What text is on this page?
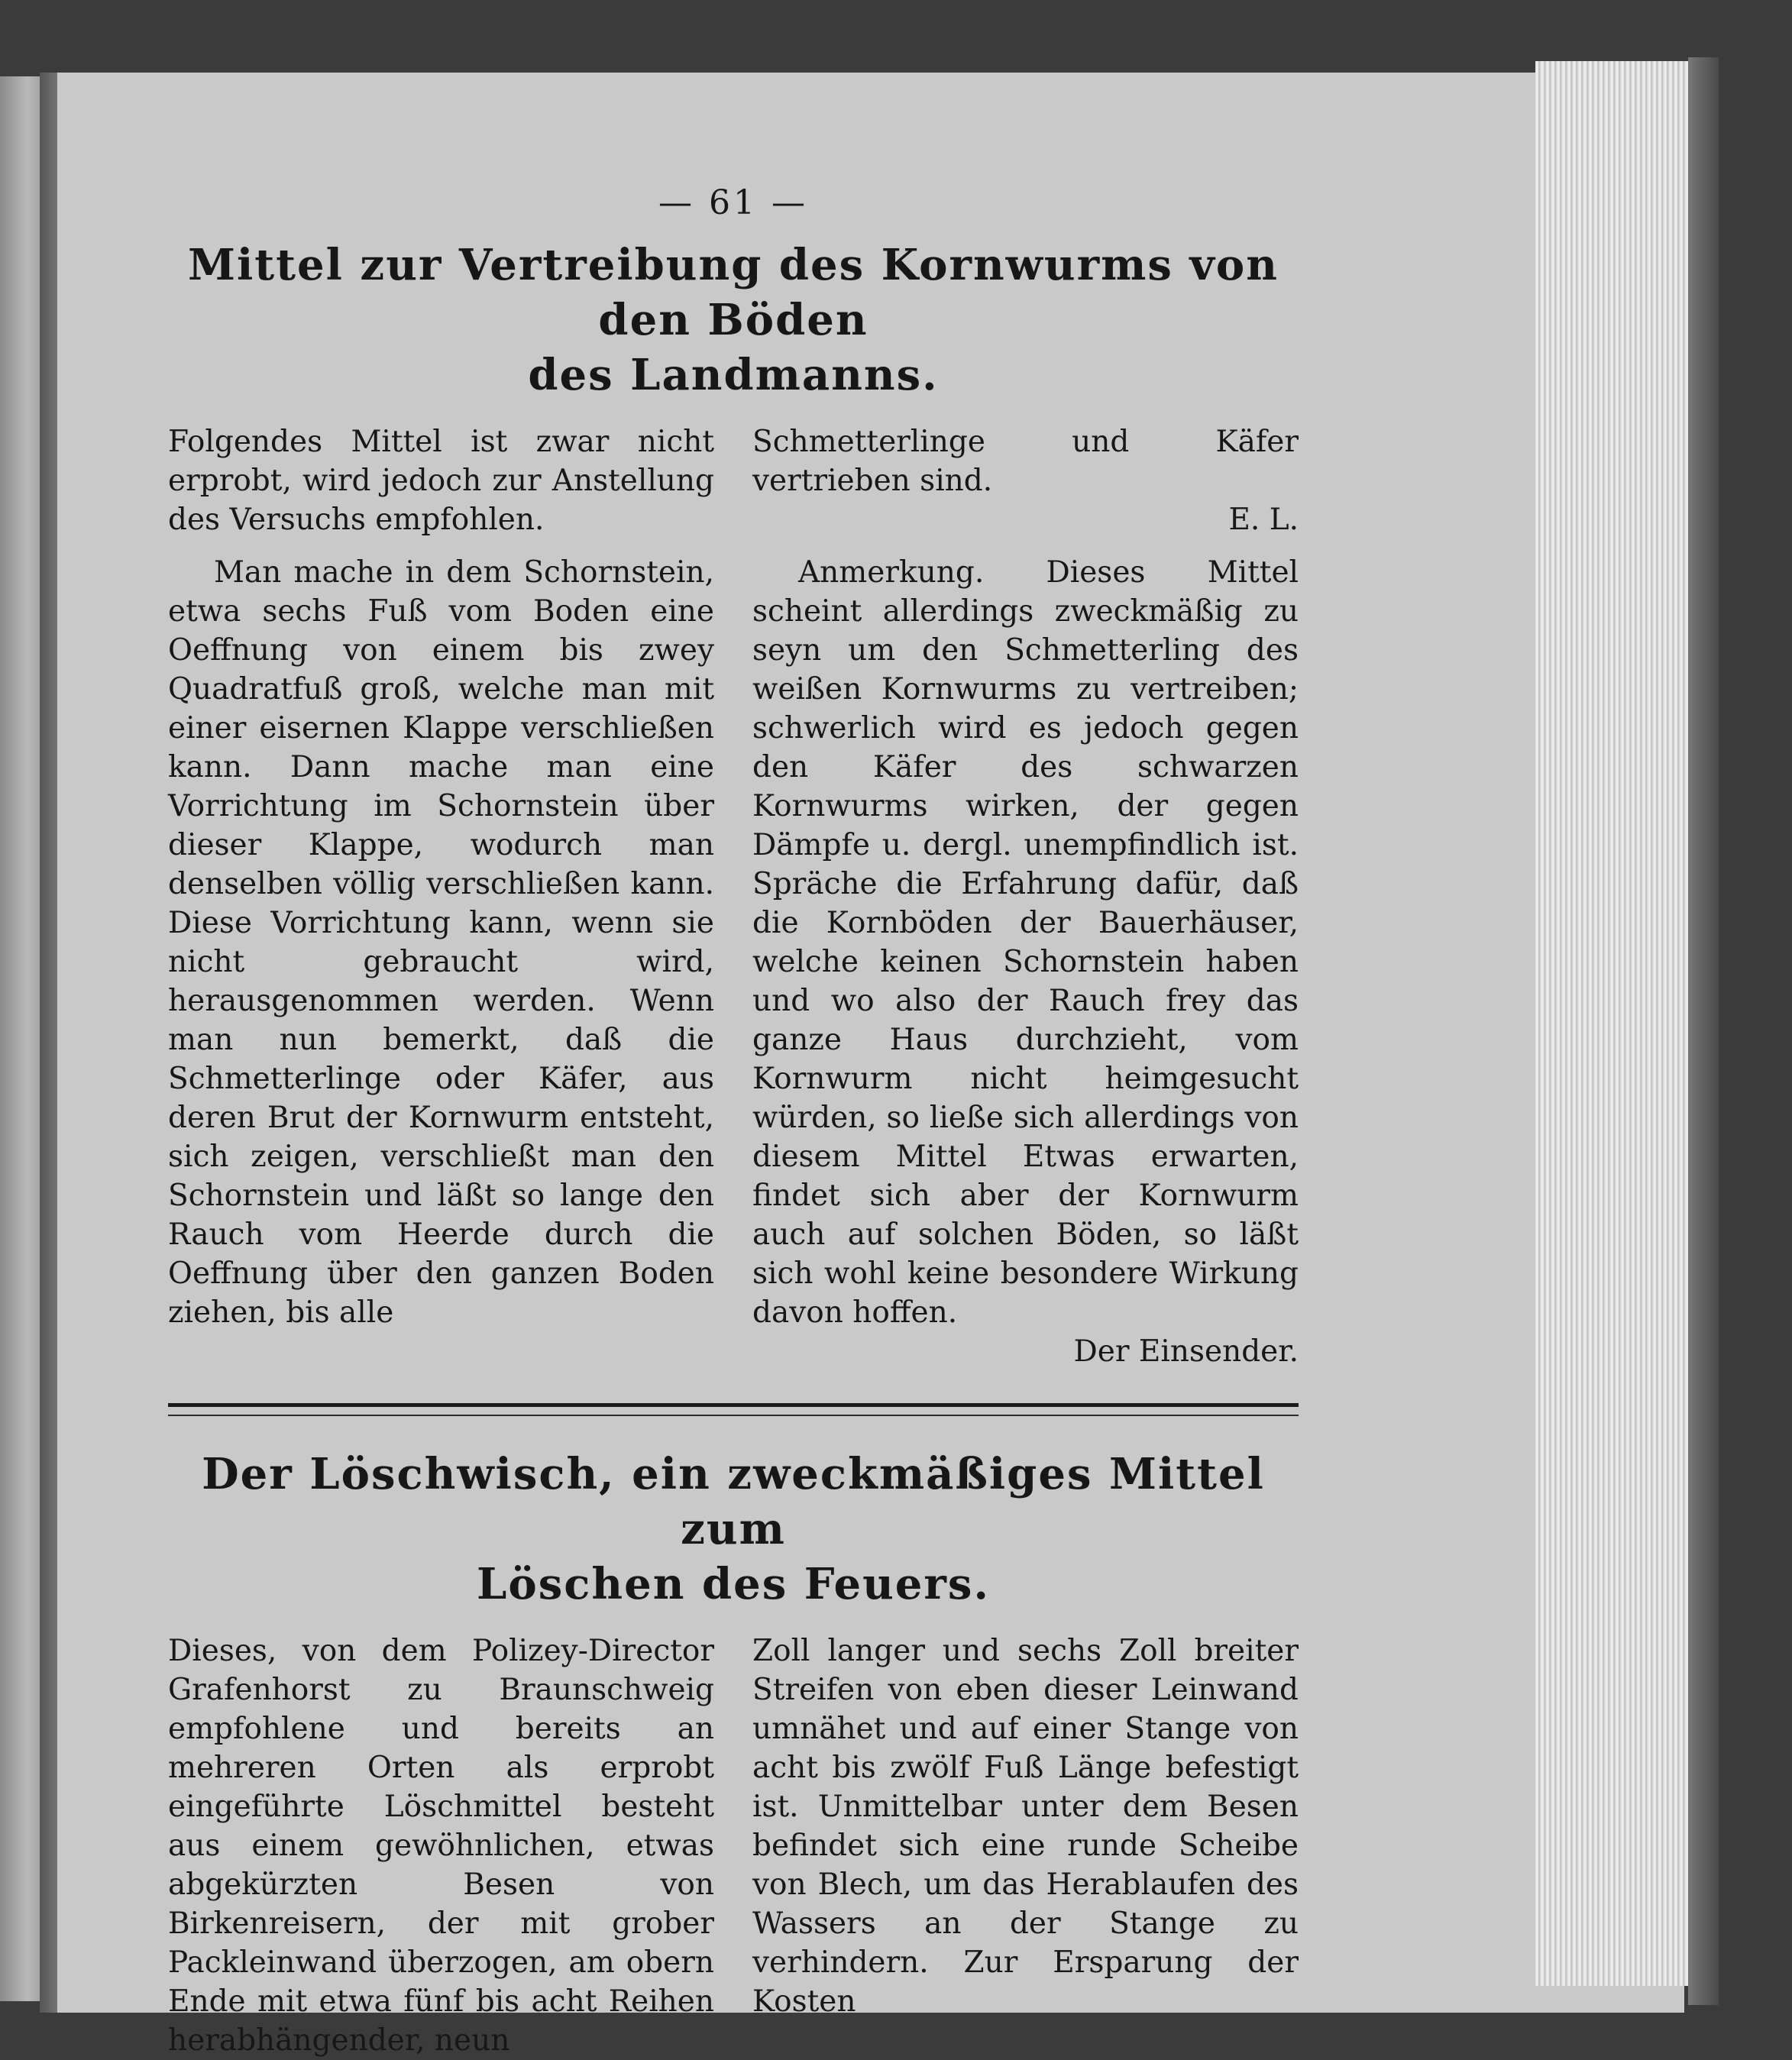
— 61 —
Mittel zur Vertreibung des Kornwurms von den Böden
des Landmanns.

Folgendes Mittel ist zwar nicht erprobt, wird jedoch zur Anstellung des Versuchs empfohlen.

Man mache in dem Schornstein, etwa sechs Fuß vom Boden eine Oeffnung von einem bis zwey Quadratfuß groß, welche man mit einer eisernen Klappe verschließen kann. Dann mache man eine Vorrichtung im Schornstein über dieser Klappe, wodurch man denselben völlig verschließen kann. Diese Vorrichtung kann, wenn sie nicht gebraucht wird, herausgenommen werden. Wenn man nun bemerkt, daß die Schmetterlinge oder Käfer, aus deren Brut der Kornwurm entsteht, sich zeigen, verschließt man den Schornstein und läßt so lange den Rauch vom Heerde durch die Oeffnung über den ganzen Boden ziehen, bis alle

Schmetterlinge und Käfer vertrieben sind.

E. L.

Anmerkung. Dieses Mittel scheint allerdings zweckmäßig zu seyn um den Schmetterling des weißen Kornwurms zu vertreiben; schwerlich wird es jedoch gegen den Käfer des schwarzen Kornwurms wirken, der gegen Dämpfe u. dergl. unempfindlich ist. Spräche die Erfahrung dafür, daß die Kornböden der Bauerhäuser, welche keinen Schornstein haben und wo also der Rauch frey das ganze Haus durchzieht, vom Kornwurm nicht heimgesucht würden, so ließe sich allerdings von diesem Mittel Etwas erwarten, findet sich aber der Kornwurm auch auf solchen Böden, so läßt sich wohl keine besondere Wirkung davon hoffen.

Der Einsender.

Der Löschwisch, ein zweckmäßiges Mittel zum
Löschen des Feuers.

Dieses, von dem Polizey-Director Grafenhorst zu Braunschweig empfohlene und bereits an mehreren Orten als erprobt eingeführte Löschmittel besteht aus einem gewöhnlichen, etwas abgekürzten Besen von Birkenreisern, der mit grober Packleinwand überzogen, am obern Ende mit etwa fünf bis acht Reihen herabhängender, neun

Zoll langer und sechs Zoll breiter Streifen von eben dieser Leinwand umnähet und auf einer Stange von acht bis zwölf Fuß Länge befestigt ist. Unmittelbar unter dem Besen befindet sich eine runde Scheibe von Blech, um das Herablaufen des Wassers an der Stange zu verhindern. Zur Ersparung der Kosten
